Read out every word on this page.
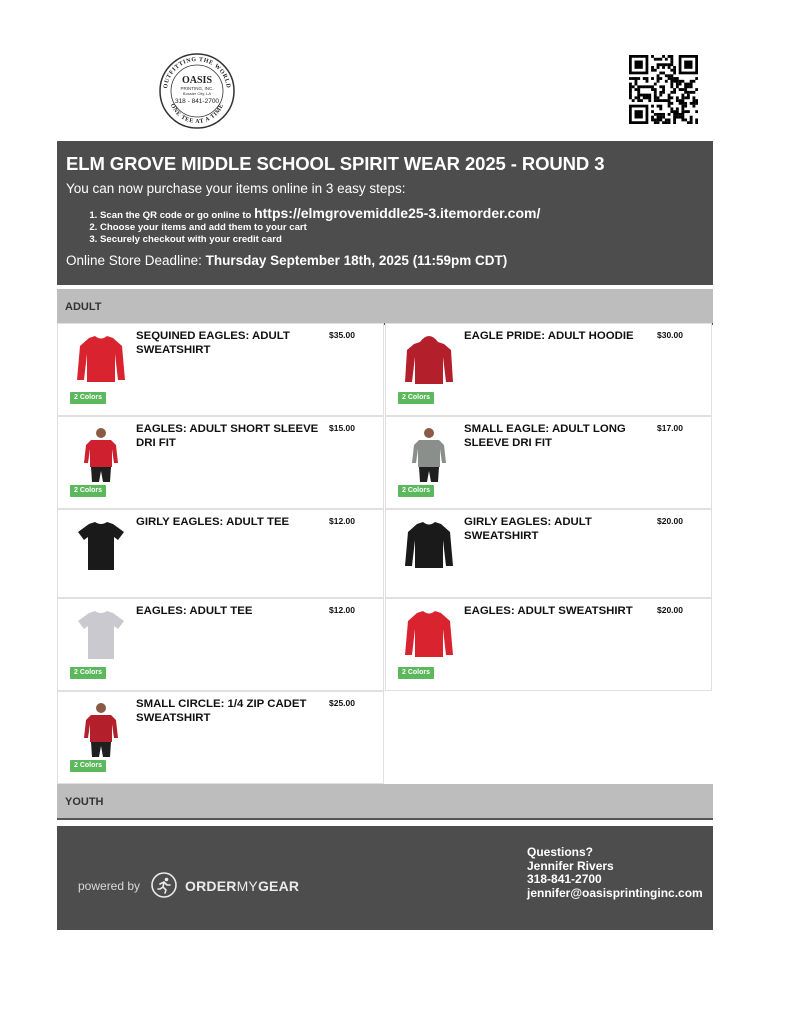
OASIS
PRINTING, INC.
Bossier City, LA
318 - 841-2700
OUTFITTING THE WORLD
ONE TEE AT A TIME
ELM GROVE MIDDLE SCHOOL SPIRIT WEAR 2025 - ROUND 3
You can now purchase your items online in 3 easy steps:
1. Scan the QR code or go online to https://elmgrovemiddle25-3.itemorder.com/
2. Choose your items and add them to your cart
3. Securely checkout with your credit card
Online Store Deadline: Thursday September 18th, 2025 (11:59pm CDT)
ADULT
SEQUINED EAGLES: ADULT SWEATSHIRT
$35.00
2 Colors
EAGLE PRIDE: ADULT HOODIE	$30.00
2 Colors
EAGLES: ADULT SHORT SLEEVE DRI FIT
$15.00
2 Colors
SMALL EAGLE: ADULT LONG SLEEVE DRI FIT
$17.00
2 Colors
GIRLY EAGLES: ADULT TEE	$12.00	GIRLY EAGLES: ADULT SWEATSHIRT
$20.00
EAGLES: ADULT TEE	$12.00
2 Colors
EAGLES: ADULT SWEATSHIRT	$20.00
2 Colors
SMALL CIRCLE: 1/4 ZIP CADET SWEATSHIRT
$25.00
2 Colors
YOUTH
powered by	ORDERMYGEAR
Questions?
Jennifer Rivers
318-841-2700
jennifer@oasisprintinginc.com
